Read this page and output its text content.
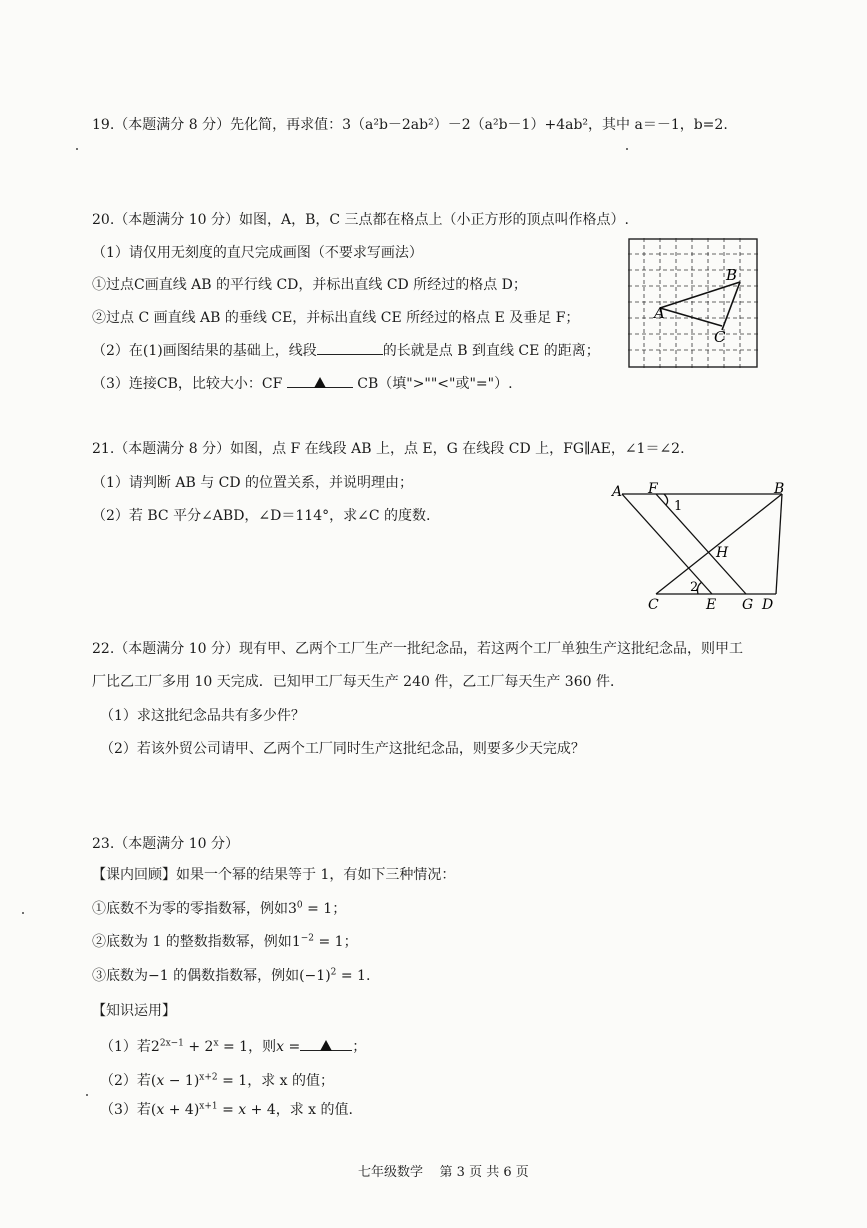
19.（本题满分 8 分）先化简，再求值：3（a²b－2ab²）－2（a²b－1）+4ab²，其中 a＝－1，b=2.
20.（本题满分 10 分）如图，A，B，C 三点都在格点上（小正方形的顶点叫作格点）.
（1）请仅用无刻度的直尺完成画图（不要求写画法）
①过点C画直线 AB 的平行线 CD，并标出直线 CD 所经过的格点 D；
②过点 C 画直线 AB 的垂线 CE，并标出直线 CE 所经过的格点 E 及垂足 F；
（2）在(1)画图结果的基础上，线段	的长就是点 B 到直线 CE 的距离；
（3）连接CB，比较大小：CF	CB（填">""<"或"="）.
A
B
C
21.（本题满分 8 分）如图，点 F 在线段 AB 上，点 E，G 在线段 CD 上，FG∥AE，∠1＝∠2.
（1）请判断 AB 与 CD 的位置关系，并说明理由；
（2）若 BC 平分∠ABD，∠D＝114°，求∠C 的度数.
A F	B
1
H
2
C	E G D
22.（本题满分 10 分）现有甲、乙两个工厂生产一批纪念品，若这两个工厂单独生产这批纪念品，则甲工
厂比乙工厂多用 10 天完成．已知甲工厂每天生产 240 件，乙工厂每天生产 360 件．
（1）求这批纪念品共有多少件？
（2）若该外贸公司请甲、乙两个工厂同时生产这批纪念品，则要多少天完成？
23.（本题满分 10 分）
【课内回顾】如果一个幂的结果等于 1，有如下三种情况：
①底数不为零的零指数幂，例如$3^0 = 1$；
②底数为 1 的整数指数幂，例如$1^{-2} = 1$；
③底数为−1 的偶数指数幂，例如$(-1)^2 = 1$.
【知识运用】
（1）若$2^{2x-1} + 2^x = 1$，则x =	；
（2）若$(x - 1)^{x+2} = 1$，求 x 的值；
（3）若$(x + 4)^{x+1} = x + 4$，求 x 的值.
七年级数学    第 3 页 共 6 页
